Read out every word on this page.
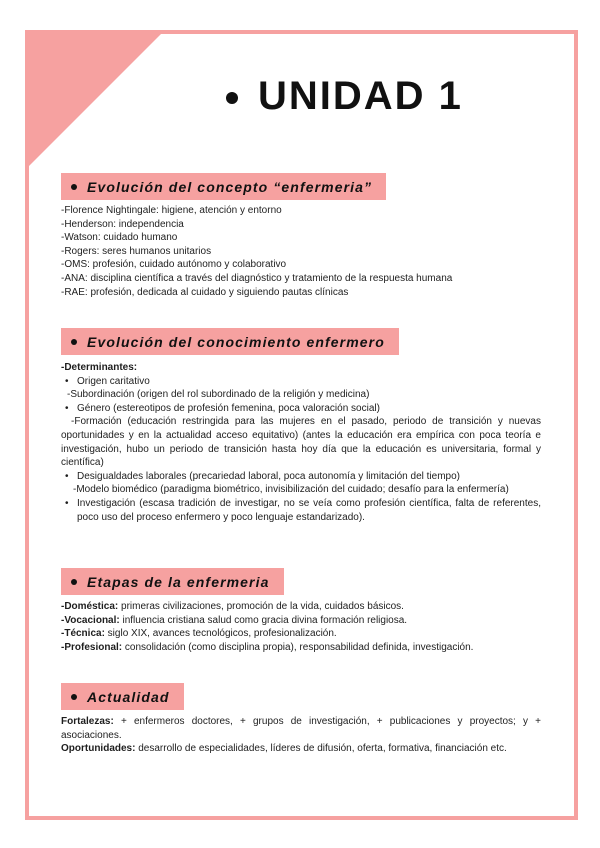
UNIDAD 1
Evolución del concepto “enfermeria”
-Florence Nightingale: higiene, atención y entorno
-Henderson: independencia
-Watson: cuidado humano
-Rogers: seres humanos unitarios
-OMS: profesión, cuidado autónomo y colaborativo
-ANA: disciplina científica a través del diagnóstico y tratamiento de la respuesta humana
-RAE: profesión, dedicada al cuidado y siguiendo pautas clínicas
Evolución del conocimiento enfermero
-Determinantes:
• Origen caritativo
-Subordinación (origen del rol subordinado de la religión y medicina)
• Género (estereotipos de profesión femenina, poca valoración social)
-Formación (educación restringida para las mujeres en el pasado, periodo de transición y nuevas oportunidades y en la actualidad acceso equitativo) (antes la educación era empírica con poca teoría e investigación, hubo un periodo de transición hasta hoy día que la educación es universitaria, formal y científica)
• Desigualdades laborales (precariedad laboral, poca autonomía y limitación del tiempo)
-Modelo biomédico (paradigma biométrico, invisibilización del cuidado; desafío para la enfermería)
• Investigación (escasa tradición de investigar, no se veía como profesión científica, falta de referentes, poco uso del proceso enfermero y poco lenguaje estandarizado).
Etapas de la enfermeria
-Doméstica: primeras civilizaciones, promoción de la vida, cuidados básicos.
-Vocacional: influencia cristiana salud como gracia divina formación religiosa.
-Técnica: siglo XIX, avances tecnológicos, profesionalización.
-Profesional: consolidación (como disciplina propia), responsabilidad definida, investigación.
Actualidad
Fortalezas: + enfermeros doctores, + grupos de investigación, + publicaciones y proyectos; y + asociaciones.
Oportunidades: desarrollo de especialidades, líderes de difusión, oferta, formativa, financiación etc.
